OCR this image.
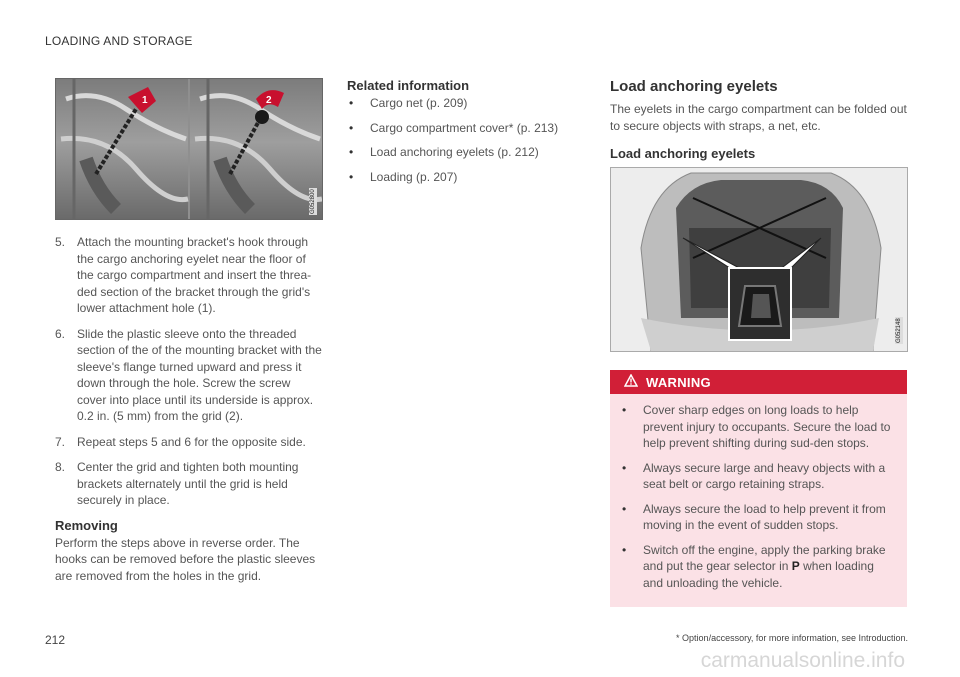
LOADING AND STORAGE
1	2
G052800
5. Attach the mounting bracket's hook through the cargo anchoring eyelet near the floor of the cargo compartment and insert the threa-ded section of the bracket through the grid's lower attachment hole (1).
6. Slide the plastic sleeve onto the threaded section of the of the mounting bracket with the sleeve's flange turned upward and press it down through the hole. Screw the screw cover into place until its underside is approx. 0.2 in. (5 mm) from the grid (2).
7. Repeat steps 5 and 6 for the opposite side.
8. Center the grid and tighten both mounting brackets alternately until the grid is held securely in place.
Removing

Perform the steps above in reverse order. The hooks can be removed before the plastic sleeves are removed from the holes in the grid.

Related information
• Cargo net (p. 209)
• Cargo compartment cover* (p. 213)
• Load anchoring eyelets (p. 212)
• Loading (p. 207)
Load anchoring eyelets

The eyelets in the cargo compartment can be folded out to secure objects with straps, a net, etc.

Load anchoring eyelets
G052148
WARNING
• Cover sharp edges on long loads to help prevent injury to occupants. Secure the load to help prevent shifting during sud-den stops.
• Always secure large and heavy objects with a seat belt or cargo retaining straps.
• Always secure the load to help prevent it from moving in the event of sudden stops.
• Switch off the engine, apply the parking brake and put the gear selector in P when loading and unloading the vehicle.
212	* Option/accessory, for more information, see Introduction.
carmanualsonline.info
